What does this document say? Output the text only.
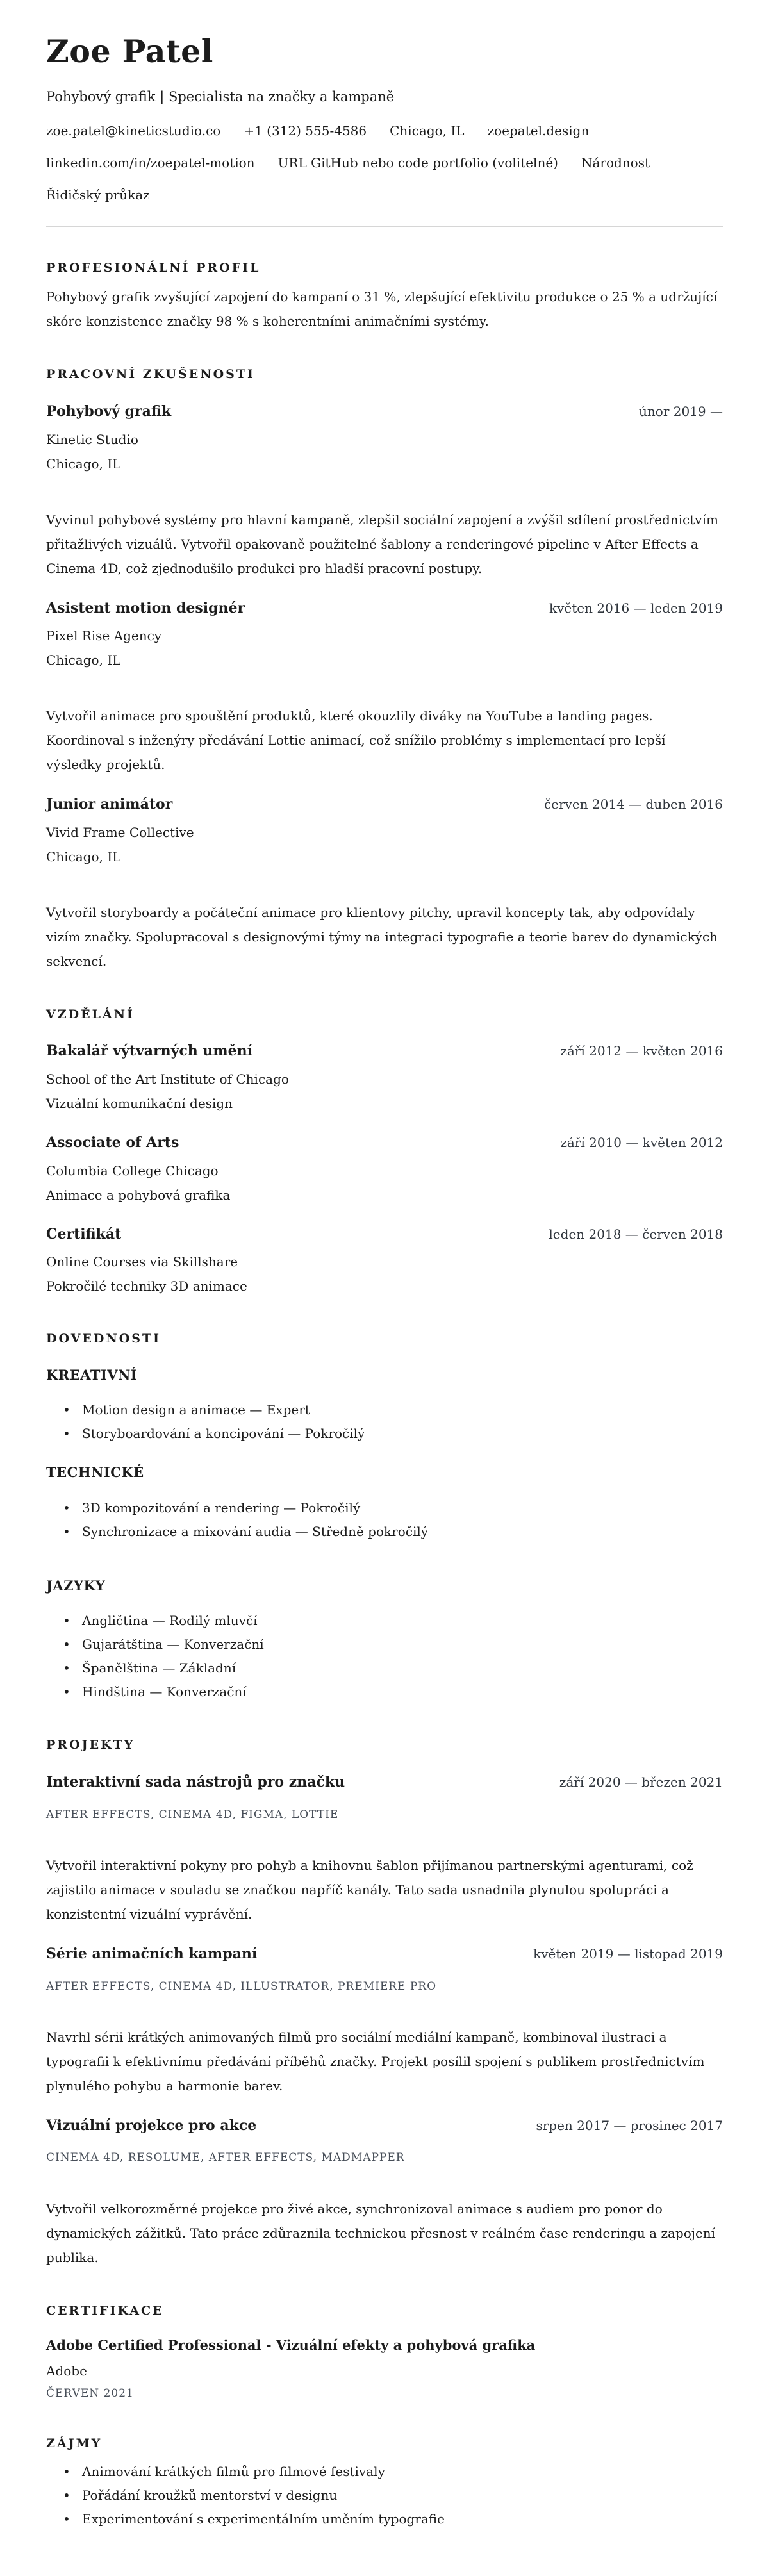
Zoe Patel
Pohybový grafik | Specialista na značky a kampaně
zoe.patel@kineticstudio.co +1 (312) 555-4586 Chicago, IL zoepatel.design
linkedin.com/in/zoepatel-motion URL GitHub nebo code portfolio (volitelné) Národnost
Řidičský průkaz
PROFESIONÁLNÍ PROFIL

Pohybový grafik zvyšující zapojení do kampaní o 31 %, zlepšující efektivitu produkce o 25 % a udržující skóre konzistence značky 98 % s koherentními animačními systémy.

PRACOVNÍ ZKUŠENOSTI
Pohybový grafik	únor 2019 —
Kinetic Studio
Chicago, IL

Vyvinul pohybové systémy pro hlavní kampaně, zlepšil sociální zapojení a zvýšil sdílení prostřednictvím přitažlivých vizuálů. Vytvořil opakovaně použitelné šablony a renderingové pipeline v After Effects a Cinema 4D, což zjednodušilo produkci pro hladší pracovní postupy.

Asistent motion designér	květen 2016 — leden 2019
Pixel Rise Agency
Chicago, IL

Vytvořil animace pro spouštění produktů, které okouzlily diváky na YouTube a landing pages. Koordinoval s inženýry předávání Lottie animací, což snížilo problémy s implementací pro lepší výsledky projektů.

Junior animátor	červen 2014 — duben 2016
Vivid Frame Collective
Chicago, IL

Vytvořil storyboardy a počáteční animace pro klientovy pitchy, upravil koncepty tak, aby odpovídaly vizím značky. Spolupracoval s designovými týmy na integraci typografie a teorie barev do dynamických sekvencí.

VZDĚLÁNÍ
Bakalář výtvarných umění	září 2012 — květen 2016
School of the Art Institute of Chicago
Vizuální komunikační design
Associate of Arts	září 2010 — květen 2012
Columbia College Chicago
Animace a pohybová grafika
Certifikát	leden 2018 — červen 2018
Online Courses via Skillshare
Pokročilé techniky 3D animace
DOVEDNOSTI
KREATIVNÍ
• Motion design a animace — Expert
• Storyboardování a koncipování — Pokročilý
TECHNICKÉ
• 3D kompozitování a rendering — Pokročilý
• Synchronizace a mixování audia — Středně pokročilý
JAZYKY
• Angličtina — Rodilý mluvčí
• Gujarátština — Konverzační
• Španělština — Základní
• Hindština — Konverzační
PROJEKTY
Interaktivní sada nástrojů pro značku	září 2020 — březen 2021
AFTER EFFECTS, CINEMA 4D, FIGMA, LOTTIE

Vytvořil interaktivní pokyny pro pohyb a knihovnu šablon přijímanou partnerskými agenturami, což zajistilo animace v souladu se značkou napříč kanály. Tato sada usnadnila plynulou spolupráci a konzistentní vizuální vyprávění.

Série animačních kampaní	květen 2019 — listopad 2019
AFTER EFFECTS, CINEMA 4D, ILLUSTRATOR, PREMIERE PRO

Navrhl sérii krátkých animovaných filmů pro sociální mediální kampaně, kombinoval ilustraci a typografii k efektivnímu předávání příběhů značky. Projekt posílil spojení s publikem prostřednictvím plynulého pohybu a harmonie barev.

Vizuální projekce pro akce	srpen 2017 — prosinec 2017
CINEMA 4D, RESOLUME, AFTER EFFECTS, MADMAPPER

Vytvořil velkorozměrné projekce pro živé akce, synchronizoval animace s audiem pro ponor do dynamických zážitků. Tato práce zdůraznila technickou přesnost v reálném čase renderingu a zapojení publika.

CERTIFIKACE
Adobe Certified Professional - Vizuální efekty a pohybová grafika
Adobe
ČERVEN 2021
ZÁJMY
• Animování krátkých filmů pro filmové festivaly
• Pořádání kroužků mentorství v designu
• Experimentování s experimentálním uměním typografie
